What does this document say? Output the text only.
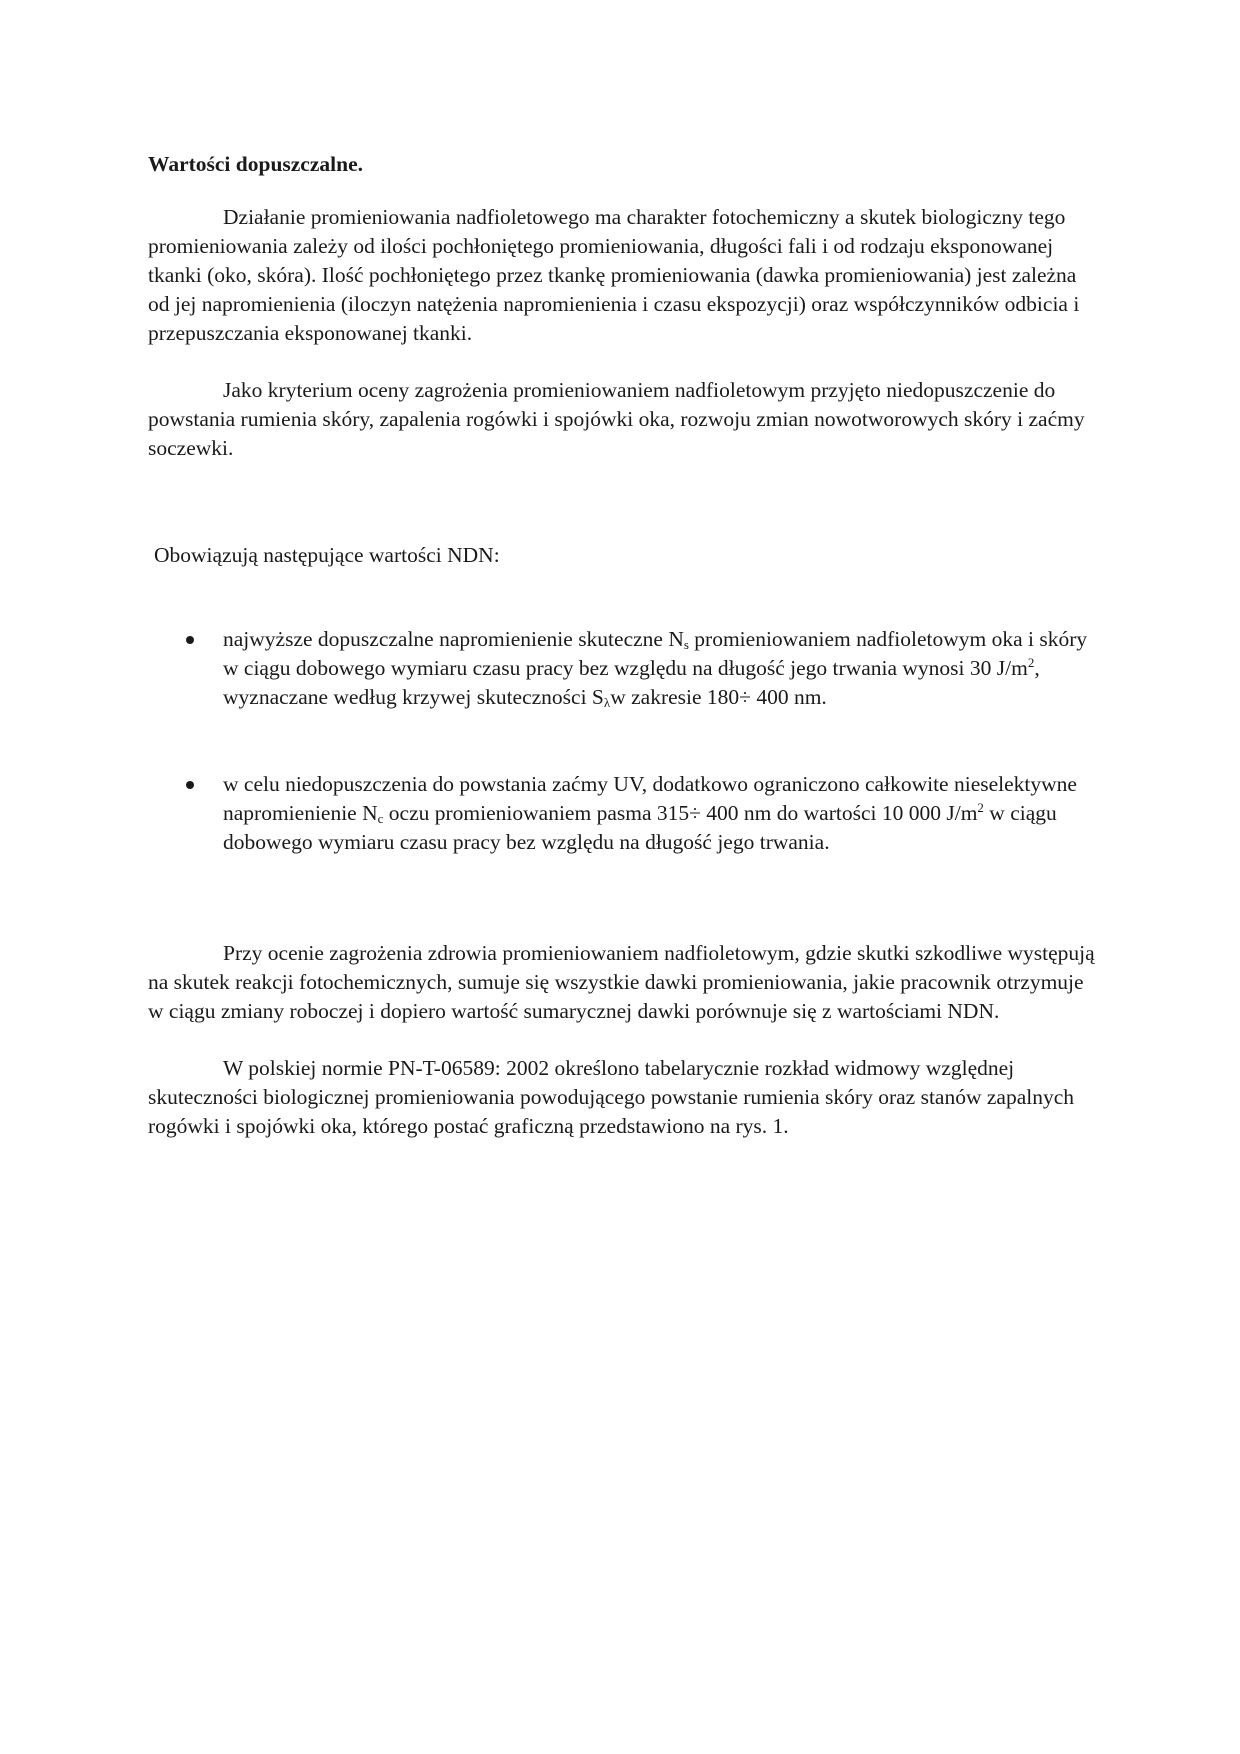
Wartości dopuszczalne.

Działanie promieniowania nadfioletowego ma charakter fotochemiczny a skutek biologiczny tego promieniowania zależy od ilości pochłoniętego promieniowania, długości fali i od rodzaju eksponowanej tkanki (oko, skóra). Ilość pochłoniętego przez tkankę promieniowania (dawka promieniowania) jest zależna od jej napromienienia (iloczyn natężenia napromienienia i czasu ekspozycji) oraz współczynników odbicia i przepuszczania eksponowanej tkanki.

Jako kryterium oceny zagrożenia promieniowaniem nadfioletowym przyjęto niedopuszczenie do powstania rumienia skóry, zapalenia rogówki i spojówki oka, rozwoju zmian nowotworowych skóry i zaćmy soczewki.

Obowiązują następujące wartości NDN:

najwyższe dopuszczalne napromienienie skuteczne $N_s$ promieniowaniem nadfioletowym oka i skóry w ciągu dobowego wymiaru czasu pracy bez względu na długość jego trwania wynosi 30 $J/m^2$, wyznaczane według krzywej skuteczności $S_\lambda w$ zakresie 180÷ 400 nm.
w celu niedopuszczenia do powstania zaćmy UV, dodatkowo ograniczono całkowite nieselektywne napromienienie $N_c$ oczu promieniowaniem pasma 315÷ 400 nm do wartości 10 000 $J/m^2$ w ciągu dobowego wymiaru czasu pracy bez względu na długość jego trwania.

Przy ocenie zagrożenia zdrowia promieniowaniem nadfioletowym, gdzie skutki szkodliwe występują na skutek reakcji fotochemicznych, sumuje się wszystkie dawki promieniowania, jakie pracownik otrzymuje w ciągu zmiany roboczej i dopiero wartość sumarycznej dawki porównuje się z wartościami NDN.

W polskiej normie PN-T-06589: 2002 określono tabelarycznie rozkład widmowy względnej skuteczności biologicznej promieniowania powodującego powstanie rumienia skóry oraz stanów zapalnych rogówki i spojówki oka, którego postać graficzną przedstawiono na rys. 1.
